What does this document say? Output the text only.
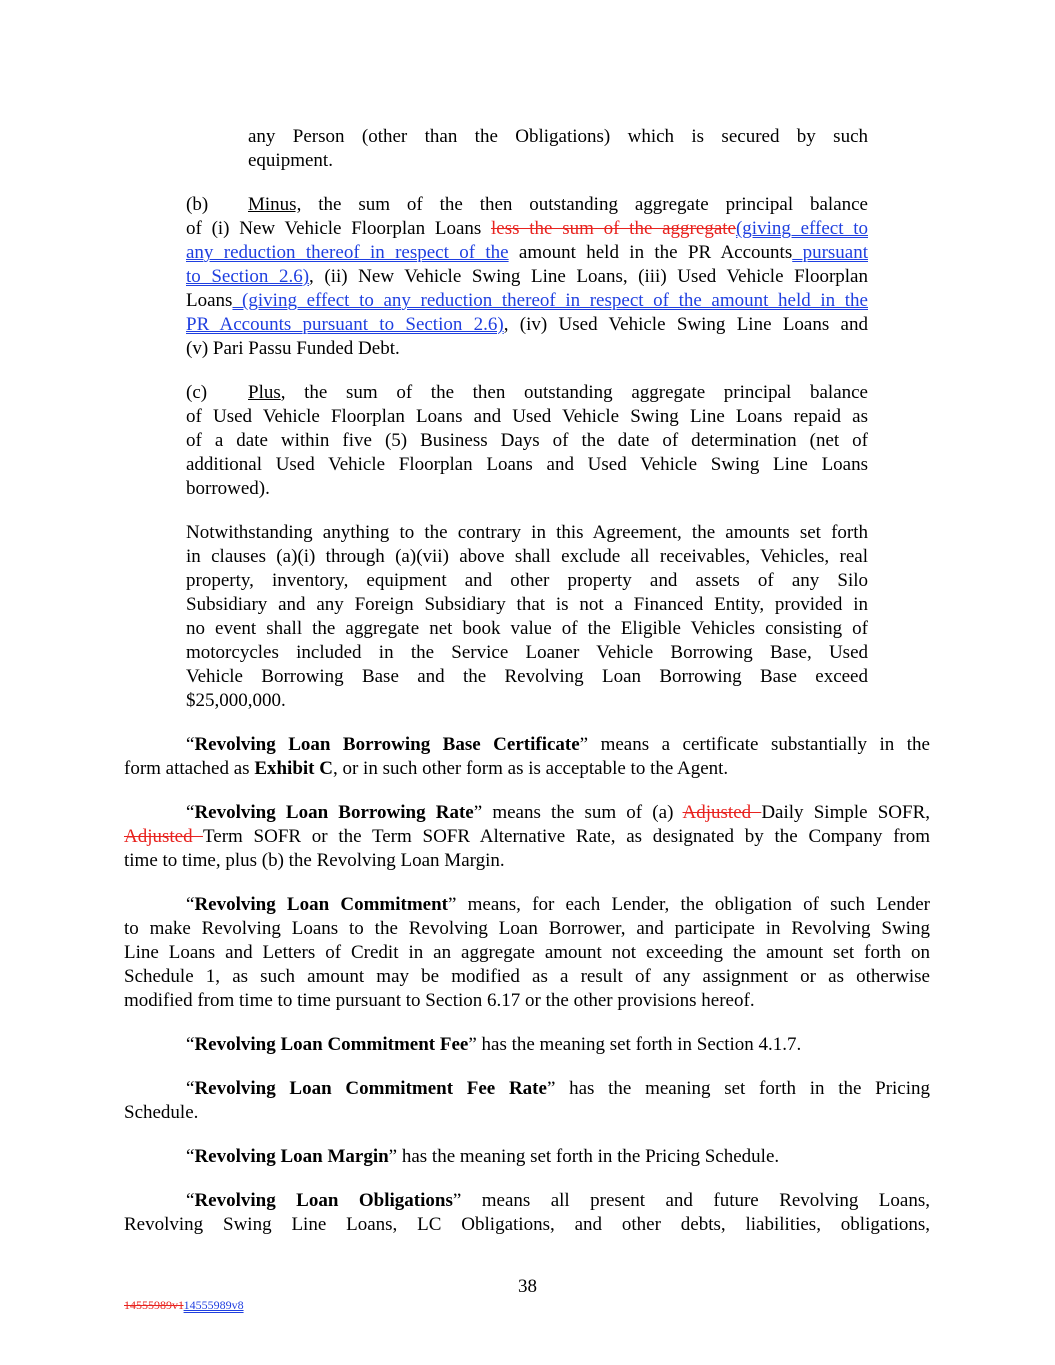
any Person (other than the Obligations) which is secured by such
equipment.
(b) Minus, the sum of the then outstanding aggregate principal balance
of (i) New Vehicle Floorplan Loans less the sum of the aggregate(giving effect to
any reduction thereof in respect of the amount held in the PR Accounts pursuant
to Section 2.6), (ii) New Vehicle Swing Line Loans, (iii) Used Vehicle Floorplan
Loans (giving effect to any reduction thereof in respect of the amount held in the
PR Accounts pursuant to Section 2.6), (iv) Used Vehicle Swing Line Loans and
(v) Pari Passu Funded Debt.
(c) Plus, the sum of the then outstanding aggregate principal balance
of Used Vehicle Floorplan Loans and Used Vehicle Swing Line Loans repaid as
of a date within five (5) Business Days of the date of determination (net of
additional Used Vehicle Floorplan Loans and Used Vehicle Swing Line Loans
borrowed).
Notwithstanding anything to the contrary in this Agreement, the amounts set forth
in clauses (a)(i) through (a)(vii) above shall exclude all receivables, Vehicles, real
property, inventory, equipment and other property and assets of any Silo
Subsidiary and any Foreign Subsidiary that is not a Financed Entity, provided in
no event shall the aggregate net book value of the Eligible Vehicles consisting of
motorcycles included in the Service Loaner Vehicle Borrowing Base, Used
Vehicle Borrowing Base and the Revolving Loan Borrowing Base exceed
$25,000,000.
“Revolving Loan Borrowing Base Certificate” means a certificate substantially in the
form attached as Exhibit C, or in such other form as is acceptable to the Agent.
“Revolving Loan Borrowing Rate” means the sum of (a) Adjusted Daily Simple SOFR,
Adjusted Term SOFR or the Term SOFR Alternative Rate, as designated by the Company from
time to time, plus (b) the Revolving Loan Margin.
“Revolving Loan Commitment” means, for each Lender, the obligation of such Lender
to make Revolving Loans to the Revolving Loan Borrower, and participate in Revolving Swing
Line Loans and Letters of Credit in an aggregate amount not exceeding the amount set forth on
Schedule 1, as such amount may be modified as a result of any assignment or as otherwise
modified from time to time pursuant to Section 6.17 or the other provisions hereof.
“Revolving Loan Commitment Fee” has the meaning set forth in Section 4.1.7.
“Revolving Loan Commitment Fee Rate” has the meaning set forth in the Pricing
Schedule.
“Revolving Loan Margin” has the meaning set forth in the Pricing Schedule.
“Revolving Loan Obligations” means all present and future Revolving Loans,
Revolving Swing Line Loans, LC Obligations, and other debts, liabilities, obligations,
38
14555989v114555989v8
